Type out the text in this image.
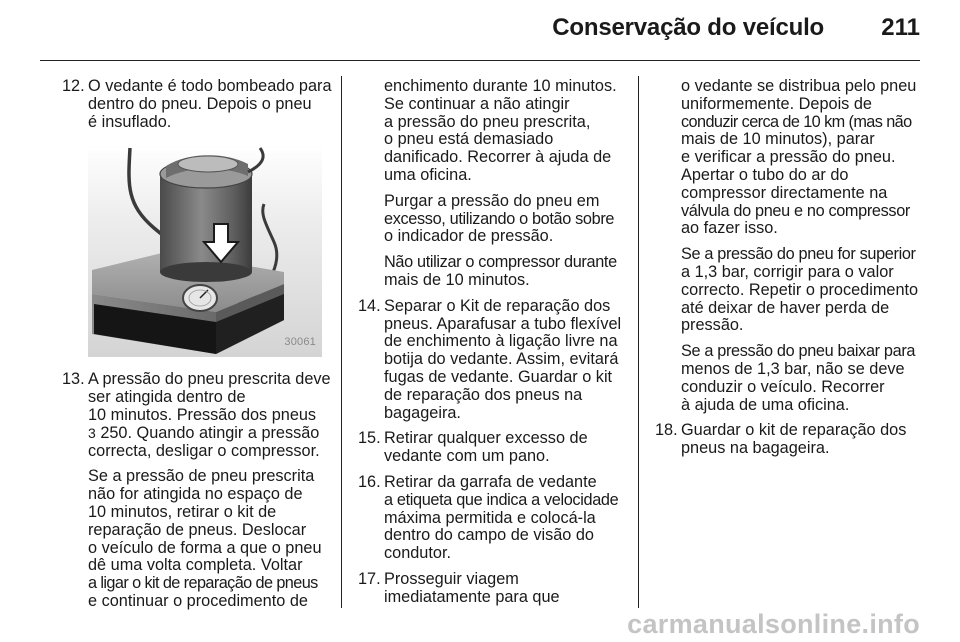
Conservação do veículo 211
12. O vedante é todo bombeado para
dentro do pneu. Depois o pneu
é insuflado.
30061
13. A pressão do pneu prescrita deve
ser atingida dentro de
10 minutos. Pressão dos pneus
3 250. Quando atingir a pressão
correcta, desligar o compressor.
Se a pressão de pneu prescrita
não for atingida no espaço de
10 minutos, retirar o kit de
reparação de pneus. Deslocar
o veículo de forma a que o pneu
dê uma volta completa. Voltar
a ligar o kit de reparação de pneus
e continuar o procedimento de
enchimento durante 10 minutos.
Se continuar a não atingir
a pressão do pneu prescrita,
o pneu está demasiado
danificado. Recorrer à ajuda de
uma oficina.
Purgar a pressão do pneu em
excesso, utilizando o botão sobre
o indicador de pressão.
Não utilizar o compressor durante
mais de 10 minutos.
14. Separar o Kit de reparação dos
pneus. Aparafusar a tubo flexível
de enchimento à ligação livre na
botija do vedante. Assim, evitará
fugas de vedante. Guardar o kit
de reparação dos pneus na
bagageira.
15. Retirar qualquer excesso de
vedante com um pano.
16. Retirar da garrafa de vedante
a etiqueta que indica a velocidade
máxima permitida e colocá-la
dentro do campo de visão do
condutor.
17. Prosseguir viagem
imediatamente para que
o vedante se distribua pelo pneu
uniformemente. Depois de
conduzir cerca de 10 km (mas não
mais de 10 minutos), parar
e verificar a pressão do pneu.
Apertar o tubo do ar do
compressor directamente na
válvula do pneu e no compressor
ao fazer isso.
Se a pressão do pneu for superior
a 1,3 bar, corrigir para o valor
correcto. Repetir o procedimento
até deixar de haver perda de
pressão.
Se a pressão do pneu baixar para
menos de 1,3 bar, não se deve
conduzir o veículo. Recorrer
à ajuda de uma oficina.
18. Guardar o kit de reparação dos
pneus na bagageira.
carmanualsonline.info
